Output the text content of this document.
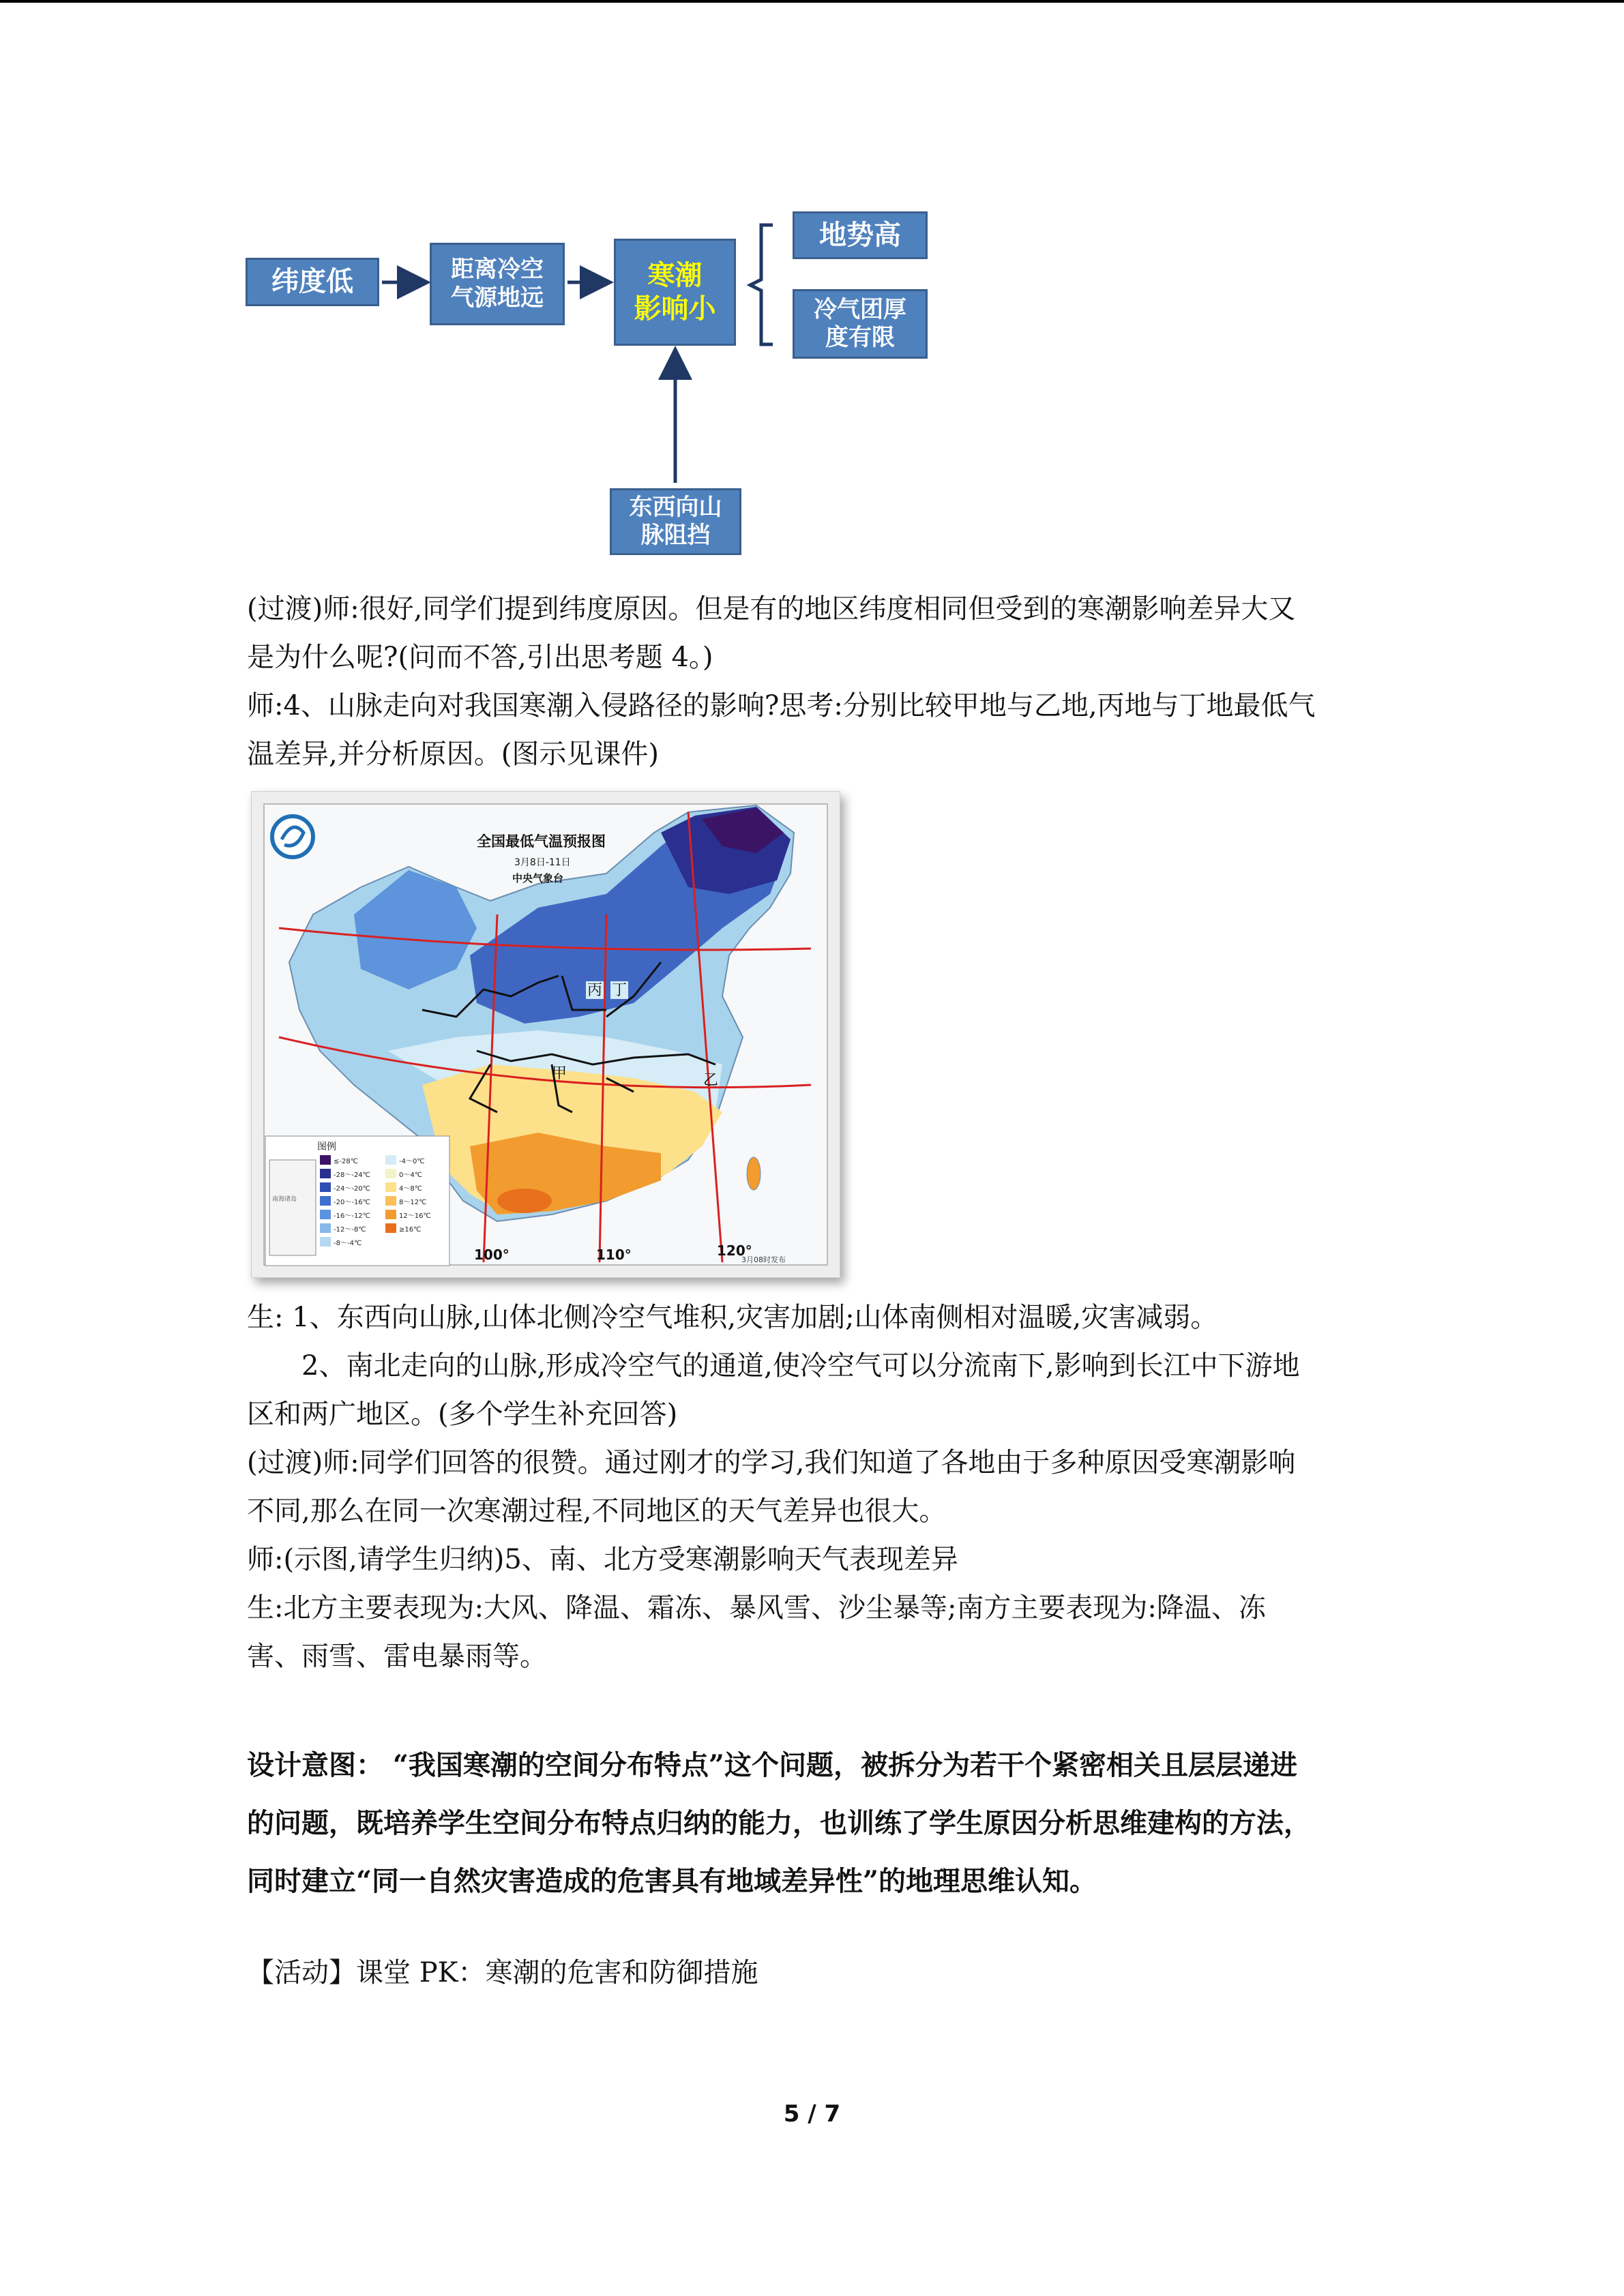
纬度低	距离冷空
气源地远
寒潮
影响小
地势高
冷气团厚
度有限
东西向山
脉阻挡
(过渡)师:很好,同学们提到纬度原因。但是有的地区纬度相同但受到的寒潮影响差异大又
是为什么呢?(问而不答,引出思考题 4。)
师:4、山脉走向对我国寒潮入侵路径的影响?思考:分别比较甲地与乙地,丙地与丁地最低气
温差异,并分析原因。(图示见课件)
≤-28℃
-28～-24℃
-24～-20℃
-20～-16℃
-16～-12℃
-12～-8℃
-8～-4℃
-4～0℃
0～4℃
4～8℃
8～12℃
12～16℃
≥16℃
全国最低气温预报图
3月8日-11日
中央气象台
图例
南海诸岛
丙 丁
甲	乙
100°	110°	120°
3月08时发布
生: 1、东西向山脉,山体北侧冷空气堆积,灾害加剧;山体南侧相对温暖,灾害减弱。
2、南北走向的山脉,形成冷空气的通道,使冷空气可以分流南下,影响到长江中下游地
区和两广地区。(多个学生补充回答)
(过渡)师:同学们回答的很赞。通过刚才的学习,我们知道了各地由于多种原因受寒潮影响
不同,那么在同一次寒潮过程,不同地区的天气差异也很大。
师:(示图,请学生归纳)5、南、北方受寒潮影响天气表现差异
生:北方主要表现为:大风、降温、霜冻、暴风雪、沙尘暴等;南方主要表现为:降温、冻
害、雨雪、雷电暴雨等。
设计意图： “我国寒潮的空间分布特点”这个问题，被拆分为若干个紧密相关且层层递进
的问题，既培养学生空间分布特点归纳的能力，也训练了学生原因分析思维建构的方法，
同时建立“同一自然灾害造成的危害具有地域差异性”的地理思维认知。
【活动】课堂 PK：寒潮的危害和防御措施
5 / 7
